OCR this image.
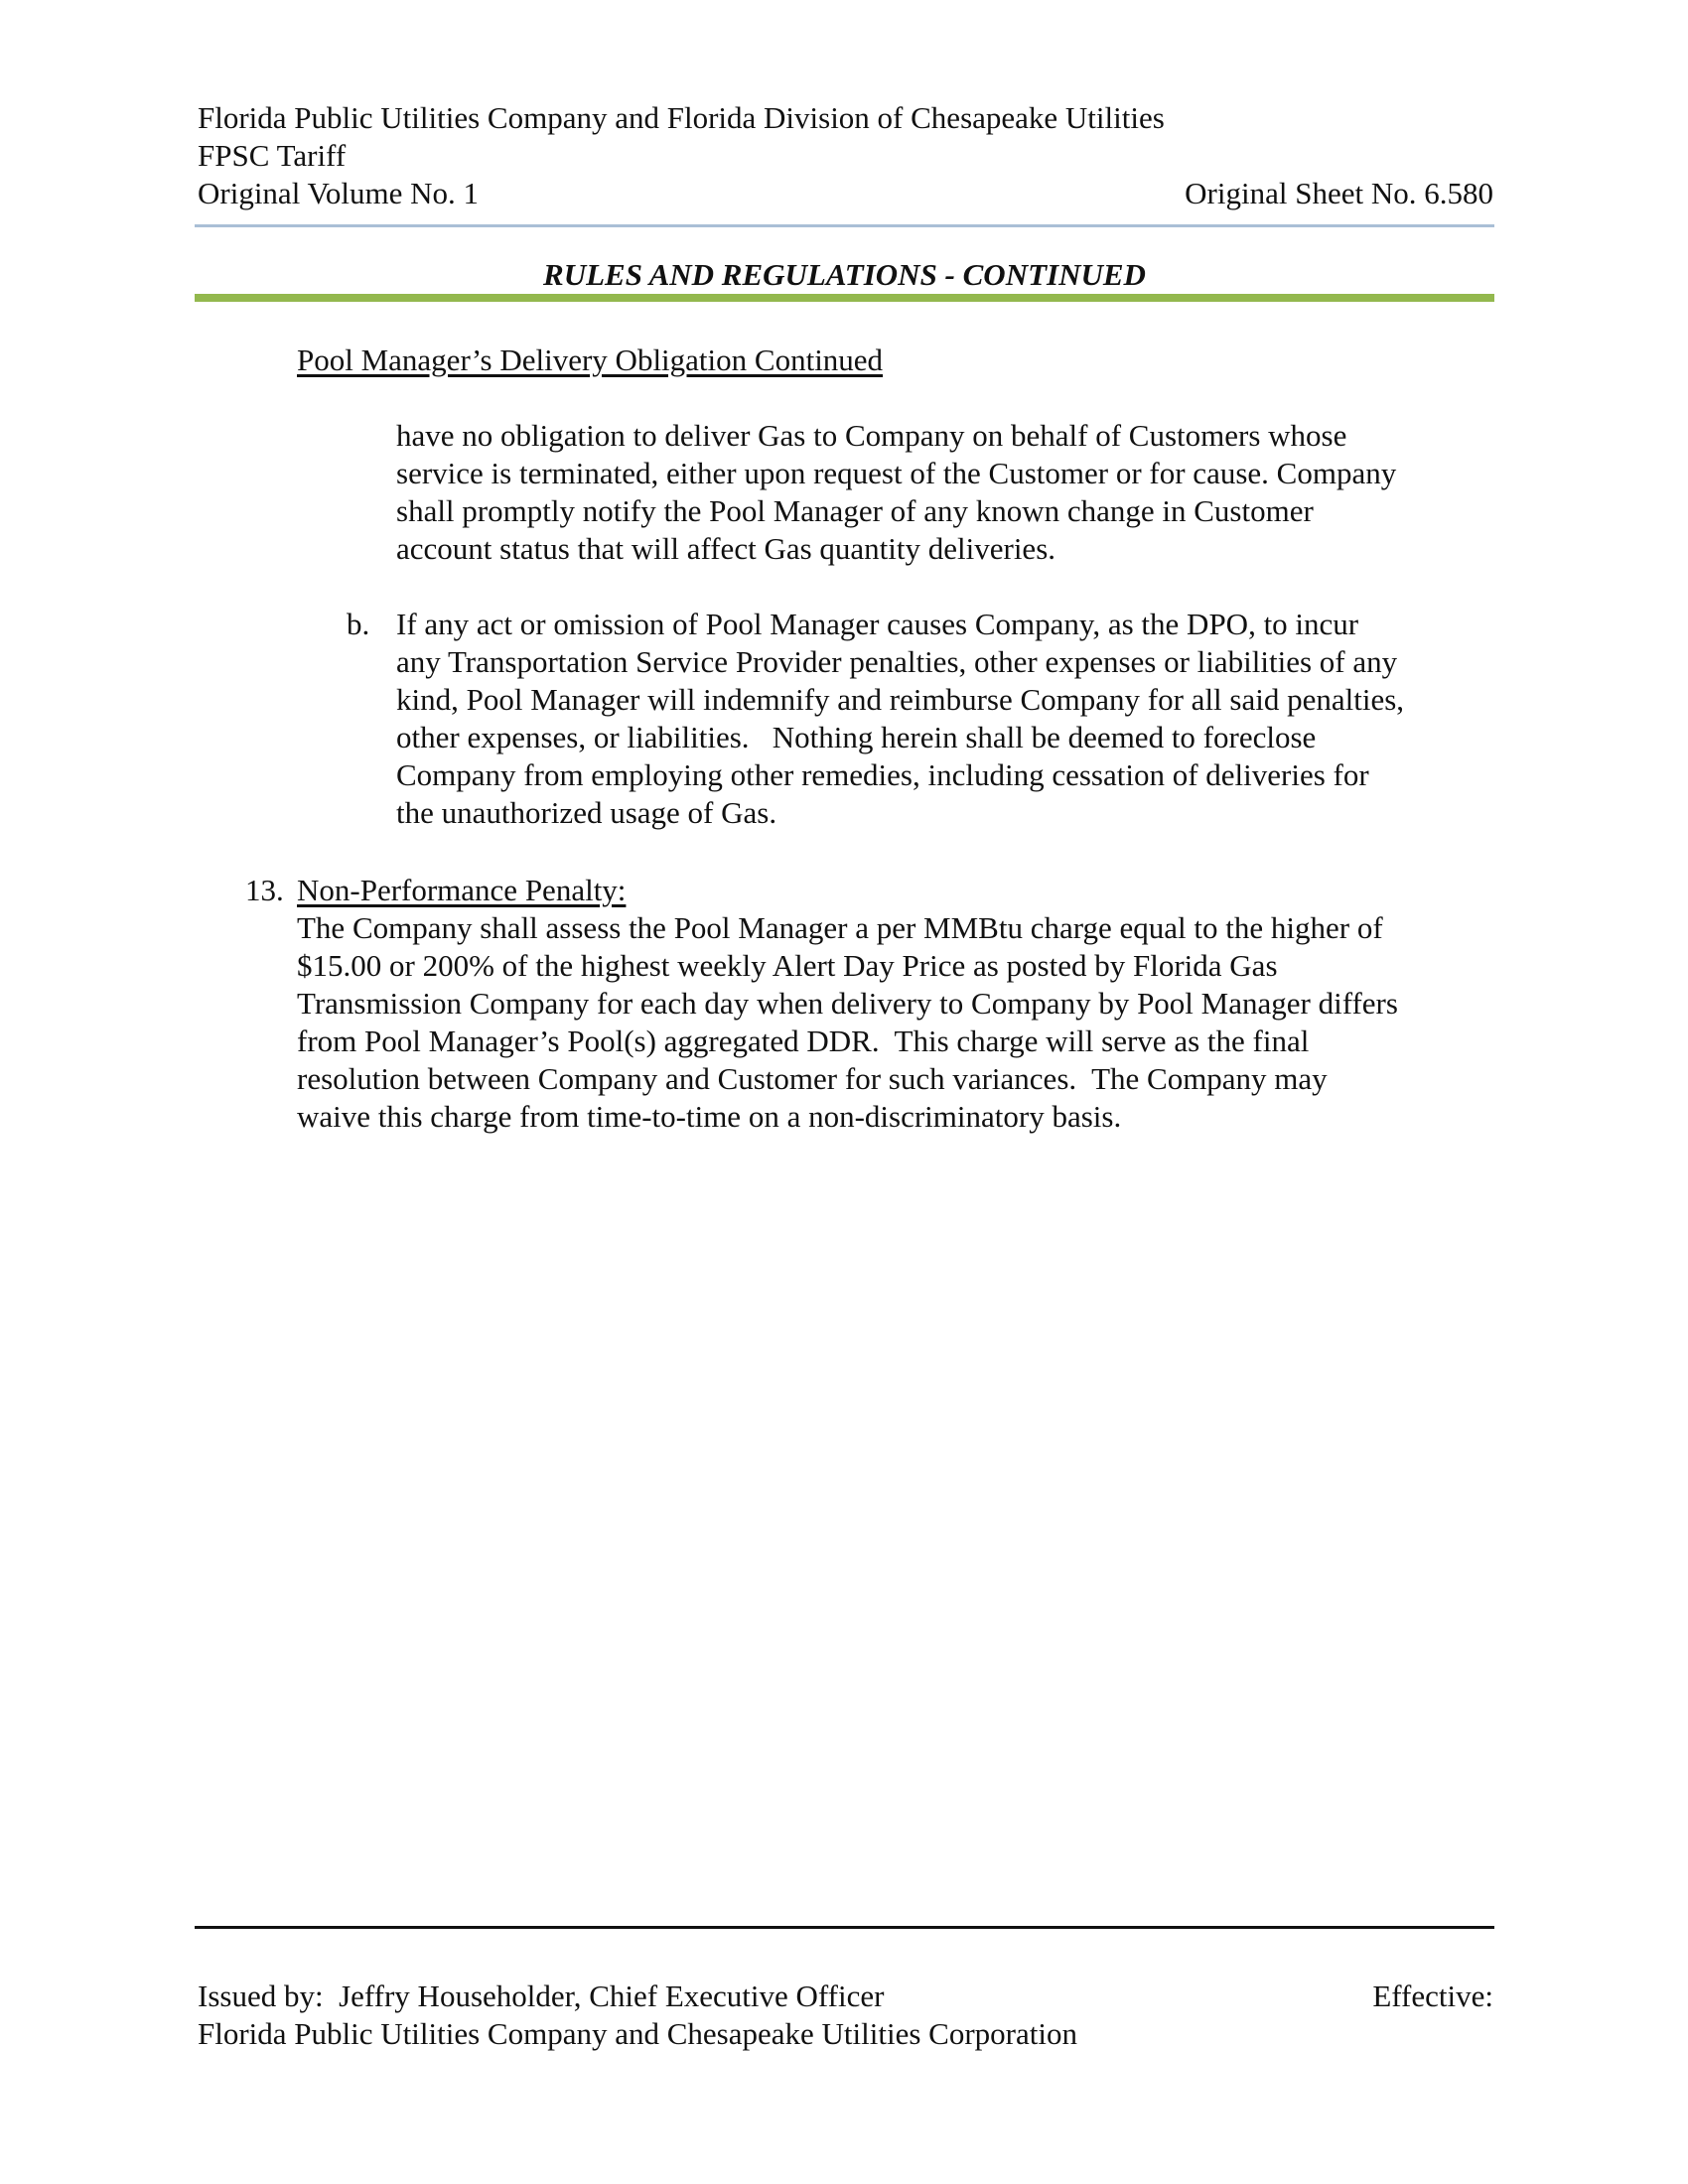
Florida Public Utilities Company and Florida Division of Chesapeake Utilities
FPSC Tariff
Original Volume No. 1	Original Sheet No. 6.580
RULES AND REGULATIONS - CONTINUED
Pool Manager’s Delivery Obligation Continued
have no obligation to deliver Gas to Company on behalf of Customers whose
service is terminated, either upon request of the Customer or for cause. Company
shall promptly notify the Pool Manager of any known change in Customer
account status that will affect Gas quantity deliveries.
b. If any act or omission of Pool Manager causes Company, as the DPO, to incur
any Transportation Service Provider penalties, other expenses or liabilities of any
kind, Pool Manager will indemnify and reimburse Company for all said penalties,
other expenses, or liabilities.   Nothing herein shall be deemed to foreclose
Company from employing other remedies, including cessation of deliveries for
the unauthorized usage of Gas.
13. Non-Performance Penalty:
The Company shall assess the Pool Manager a per MMBtu charge equal to the higher of
$15.00 or 200% of the highest weekly Alert Day Price as posted by Florida Gas
Transmission Company for each day when delivery to Company by Pool Manager differs
from Pool Manager’s Pool(s) aggregated DDR.  This charge will serve as the final
resolution between Company and Customer for such variances.  The Company may
waive this charge from time-to-time on a non-discriminatory basis.
Issued by:  Jeffry Householder, Chief Executive Officer	Effective:
Florida Public Utilities Company and Chesapeake Utilities Corporation
